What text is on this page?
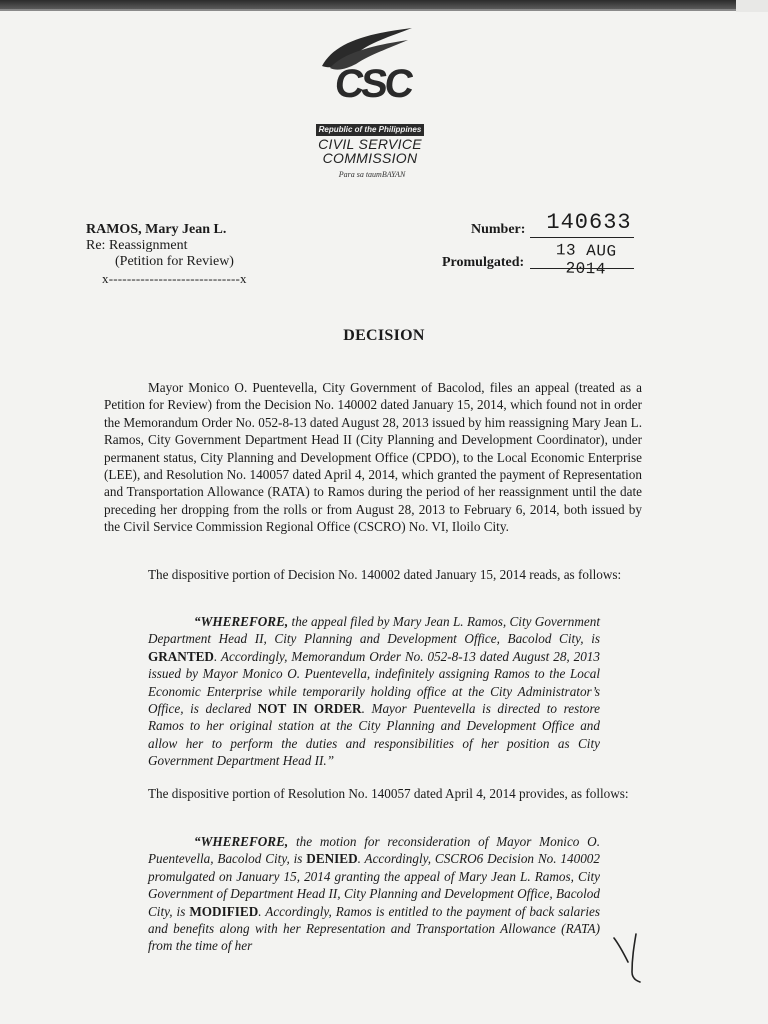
CSC
Republic of the Philippines
CIVIL SERVICE
COMMISSION
Para sa taumBAYAN
RAMOS, Mary Jean L.
Re: Reassignment
(Petition for Review)
x-----------------------------x
Number: 140633
Promulgated:
13 AUG 2014
DECISION
Mayor Monico O. Puentevella, City Government of Bacolod, files an appeal (treated as a Petition for Review) from the Decision No. 140002 dated January 15, 2014, which found not in order the Memorandum Order No. 052-8-13 dated August 28, 2013 issued by him reassigning Mary Jean L. Ramos, City Government Department Head II (City Planning and Development Coordinator), under permanent status, City Planning and Development Office (CPDO), to the Local Economic Enterprise (LEE), and Resolution No. 140057 dated April 4, 2014, which granted the payment of Representation and Transportation Allowance (RATA) to Ramos during the period of her reassignment until the date preceding her dropping from the rolls or from August 28, 2013 to February 6, 2014, both issued by the Civil Service Commission Regional Office (CSCRO) No. VI, Iloilo City.
The dispositive portion of Decision No. 140002 dated January 15, 2014 reads, as follows:
“WHEREFORE, the appeal filed by Mary Jean L. Ramos, City Government Department Head II, City Planning and Development Office, Bacolod City, is GRANTED. Accordingly, Memorandum Order No. 052-8-13 dated August 28, 2013 issued by Mayor Monico O. Puentevella, indefinitely assigning Ramos to the Local Economic Enterprise while temporarily holding office at the City Administrator’s Office, is declared NOT IN ORDER. Mayor Puentevella is directed to restore Ramos to her original station at the City Planning and Development Office and allow her to perform the duties and responsibilities of her position as City Government Department Head II.”
The dispositive portion of Resolution No. 140057 dated April 4, 2014 provides, as follows:
“WHEREFORE, the motion for reconsideration of Mayor Monico O. Puentevella, Bacolod City, is DENIED. Accordingly, CSCRO6 Decision No. 140002 promulgated on January 15, 2014 granting the appeal of Mary Jean L. Ramos, City Government of Department Head II, City Planning and Development Office, Bacolod City, is MODIFIED. Accordingly, Ramos is entitled to the payment of back salaries and benefits along with her Representation and Transportation Allowance (RATA) from the time of her
